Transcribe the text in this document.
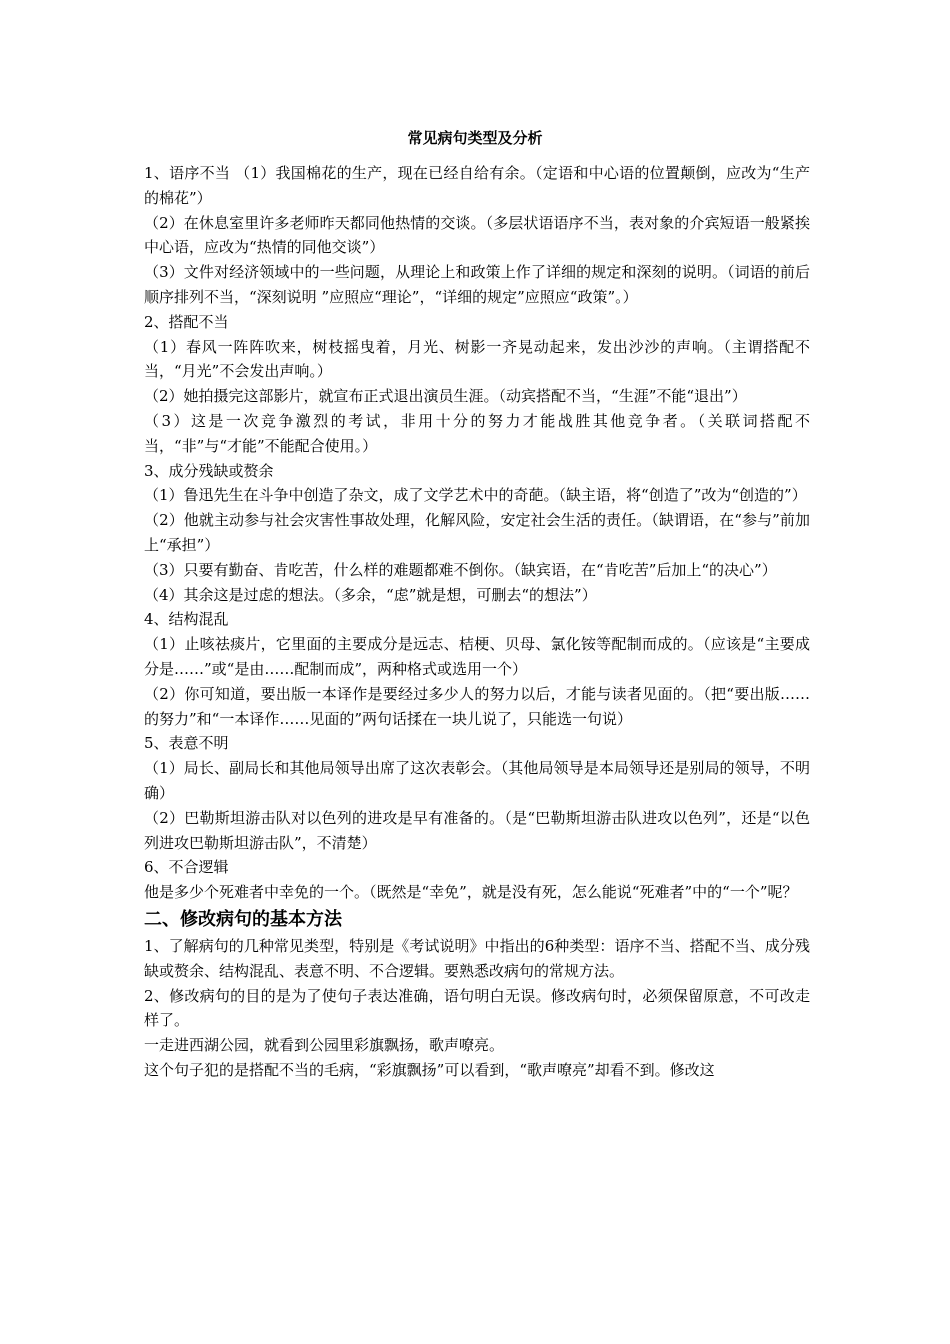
常见病句类型及分析

1、语序不当 （1）我国棉花的生产，现在已经自给有余。（定语和中心语的位置颠倒，应改为“生产的棉花”）

（2）在休息室里许多老师昨天都同他热情的交谈。（多层状语语序不当，表对象的介宾短语一般紧挨中心语，应改为“热情的同他交谈”）

（3）文件对经济领域中的一些问题，从理论上和政策上作了详细的规定和深刻的说明。（词语的前后顺序排列不当，“深刻说明 ”应照应“理论”，“详细的规定”应照应“政策”。）

2、搭配不当

（1）春风一阵阵吹来，树枝摇曳着，月光、树影一齐晃动起来，发出沙沙的声响。（主谓搭配不当，“月光”不会发出声响。）

（2）她拍摄完这部影片，就宣布正式退出演员生涯。（动宾搭配不当，“生涯”不能“退出”）

（3）这是一次竞争激烈的考试，非用十分的努力才能战胜其他竞争者。（关联词搭配不当，“非”与“才能”不能配合使用。）

3、成分残缺或赘余

（1）鲁迅先生在斗争中创造了杂文，成了文学艺术中的奇葩。（缺主语，将“创造了”改为“创造的”）

（2）他就主动参与社会灾害性事故处理，化解风险，安定社会生活的责任。（缺谓语，在“参与”前加上“承担”）

（3）只要有勤奋、肯吃苦，什么样的难题都难不倒你。（缺宾语，在“肯吃苦”后加上“的决心”）

（4）其余这是过虑的想法。（多余，“虑”就是想，可删去“的想法”）

4、结构混乱

（1）止咳祛痰片，它里面的主要成分是远志、桔梗、贝母、氯化铵等配制而成的。（应该是“主要成分是……”或“是由……配制而成”，两种格式或选用一个）

（2）你可知道，要出版一本译作是要经过多少人的努力以后，才能与读者见面的。（把“要出版……的努力”和“一本译作……见面的”两句话揉在一块儿说了，只能选一句说）

5、表意不明

（1）局长、副局长和其他局领导出席了这次表彰会。（其他局领导是本局领导还是别局的领导，不明确）

（2）巴勒斯坦游击队对以色列的进攻是早有准备的。（是“巴勒斯坦游击队进攻以色列”，还是“以色列进攻巴勒斯坦游击队”，不清楚）

6、不合逻辑

他是多少个死难者中幸免的一个。（既然是“幸免”，就是没有死，怎么能说“死难者”中的“一个”呢？

二、修改病句的基本方法

1、了解病句的几种常见类型，特别是《考试说明》中指出的6种类型：语序不当、搭配不当、成分残缺或赘余、结构混乱、表意不明、不合逻辑。要熟悉改病句的常规方法。

2、修改病句的目的是为了使句子表达准确，语句明白无误。修改病句时，必须保留原意，不可改走样了。

一走进西湖公园，就看到公园里彩旗飘扬，歌声嘹亮。

这个句子犯的是搭配不当的毛病，“彩旗飘扬”可以看到，“歌声嘹亮”却看不到。修改这
